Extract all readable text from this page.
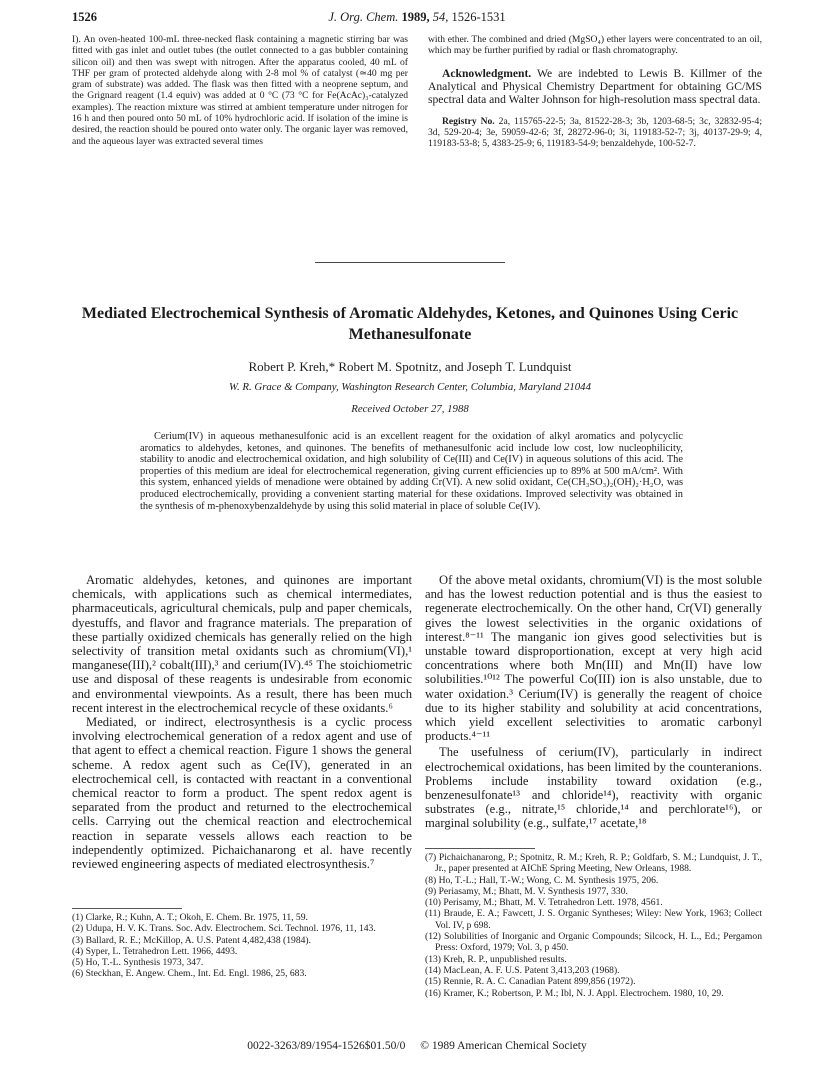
1526	J. Org. Chem. 1989, 54, 1526-1531

I). An oven-heated 100-mL three-necked flask containing a magnetic stirring bar was fitted with gas inlet and outlet tubes (the outlet connected to a gas bubbler containing silicon oil) and then was swept with nitrogen. After the apparatus cooled, 40 mL of THF per gram of protected aldehyde along with 2-8 mol % of catalyst (≃40 mg per gram of substrate) was added. The flask was then fitted with a neoprene septum, and the Grignard reagent (1.4 equiv) was added at 0 °C (73 °C for Fe(AcAc)₃-catalyzed examples). The reaction mixture was stirred at ambient temperature under nitrogen for 16 h and then poured onto 50 mL of 10% hydrochloric acid. If isolation of the imine is desired, the reaction should be poured onto water only. The organic layer was removed, and the aqueous layer was extracted several times

with ether. The combined and dried (MgSO₄) ether layers were concentrated to an oil, which may be further purified by radial or flash chromatography.

Acknowledgment. We are indebted to Lewis B. Killmer of the Analytical and Physical Chemistry Department for obtaining GC/MS spectral data and Walter Johnson for high-resolution mass spectral data.

Registry No. 2a, 115765-22-5; 3a, 81522-28-3; 3b, 1203-68-5; 3c, 32832-95-4; 3d, 529-20-4; 3e, 59059-42-6; 3f, 28272-96-0; 3i, 119183-52-7; 3j, 40137-29-9; 4, 119183-53-8; 5, 4383-25-9; 6, 119183-54-9; benzaldehyde, 100-52-7.

Mediated Electrochemical Synthesis of Aromatic Aldehydes, Ketones, and Quinones Using Ceric Methanesulfonate
Robert P. Kreh,* Robert M. Spotnitz, and Joseph T. Lundquist
W. R. Grace & Company, Washington Research Center, Columbia, Maryland 21044
Received October 27, 1988
Cerium(IV) in aqueous methanesulfonic acid is an excellent reagent for the oxidation of alkyl aromatics and polycyclic aromatics to aldehydes, ketones, and quinones. The benefits of methanesulfonic acid include low cost, low nucleophilicity, stability to anodic and electrochemical oxidation, and high solubility of Ce(III) and Ce(IV) in aqueous solutions of this acid. The properties of this medium are ideal for electrochemical regeneration, giving current efficiencies up to 89% at 500 mA/cm². With this system, enhanced yields of menadione were obtained by adding Cr(VI). A new solid oxidant, Ce(CH₃SO₃)₂(OH)₂·H₂O, was produced electrochemically, providing a convenient starting material for these oxidations. Improved selectivity was obtained in the synthesis of m-phenoxybenzaldehyde by using this solid material in place of soluble Ce(IV).

Aromatic aldehydes, ketones, and quinones are important chemicals, with applications such as chemical intermediates, pharmaceuticals, agricultural chemicals, pulp and paper chemicals, dyestuffs, and flavor and fragrance materials. The preparation of these partially oxidized chemicals has generally relied on the high selectivity of transition metal oxidants such as chromium(VI),¹ manganese(III),² cobalt(III),³ and cerium(IV).⁴⁵ The stoichiometric use and disposal of these reagents is undesirable from economic and environmental viewpoints. As a result, there has been much recent interest in the electrochemical recycle of these oxidants.⁶

Mediated, or indirect, electrosynthesis is a cyclic process involving electrochemical generation of a redox agent and use of that agent to effect a chemical reaction. Figure 1 shows the general scheme. A redox agent such as Ce(IV), generated in an electrochemical cell, is contacted with reactant in a conventional chemical reactor to form a product. The spent redox agent is separated from the product and returned to the electrochemical cells. Carrying out the chemical reaction and electrochemical reaction in separate vessels allows each reaction to be independently optimized. Pichaichanarong et al. have recently reviewed engineering aspects of mediated electrosynthesis.⁷

Of the above metal oxidants, chromium(VI) is the most soluble and has the lowest reduction potential and is thus the easiest to regenerate electrochemically. On the other hand, Cr(VI) generally gives the lowest selectivities in the organic oxidations of interest.⁸⁻¹¹ The manganic ion gives good selectivities but is unstable toward disproportionation, except at very high acid concentrations where both Mn(III) and Mn(II) have low solubilities.¹⁰¹² The powerful Co(III) ion is also unstable, due to water oxidation.³ Cerium(IV) is generally the reagent of choice due to its higher stability and solubility at acid concentrations, which yield excellent selectivities to aromatic carbonyl products.⁴⁻¹¹

The usefulness of cerium(IV), particularly in indirect electrochemical oxidations, has been limited by the counteranions. Problems include instability toward oxidation (e.g., benzenesulfonate¹³ and chloride¹⁴), reactivity with organic substrates (e.g., nitrate,¹⁵ chloride,¹⁴ and perchlorate¹⁶), or marginal solubility (e.g., sulfate,¹⁷ acetate,¹⁸

(1) Clarke, R.; Kuhn, A. T.; Okoh, E. Chem. Br. 1975, 11, 59.

(2) Udupa, H. V. K. Trans. Soc. Adv. Electrochem. Sci. Technol. 1976, 11, 143.

(3) Ballard, R. E.; McKillop, A. U.S. Patent 4,482,438 (1984).

(4) Syper, L. Tetrahedron Lett. 1966, 4493.

(5) Ho, T.-L. Synthesis 1973, 347.

(6) Steckhan, E. Angew. Chem., Int. Ed. Engl. 1986, 25, 683.

(7) Pichaichanarong, P.; Spotnitz, R. M.; Kreh, R. P.; Goldfarb, S. M.; Lundquist, J. T., Jr., paper presented at AIChE Spring Meeting, New Orleans, 1988.

(8) Ho, T.-L.; Hall, T.-W.; Wong, C. M. Synthesis 1975, 206.

(9) Periasamy, M.; Bhatt, M. V. Synthesis 1977, 330.

(10) Perisamy, M.; Bhatt, M. V. Tetrahedron Lett. 1978, 4561.

(11) Braude, E. A.; Fawcett, J. S. Organic Syntheses; Wiley: New York, 1963; Collect Vol. IV, p 698.

(12) Solubilities of Inorganic and Organic Compounds; Silcock, H. L., Ed.; Pergamon Press: Oxford, 1979; Vol. 3, p 450.

(13) Kreh, R. P., unpublished results.

(14) MacLean, A. F. U.S. Patent 3,413,203 (1968).

(15) Rennie, R. A. C. Canadian Patent 899,856 (1972).

(16) Kramer, K.; Robertson, P. M.; Ibl, N. J. Appl. Electrochem. 1980, 10, 29.

0022-3263/89/1954-1526$01.50/0 © 1989 American Chemical Society
